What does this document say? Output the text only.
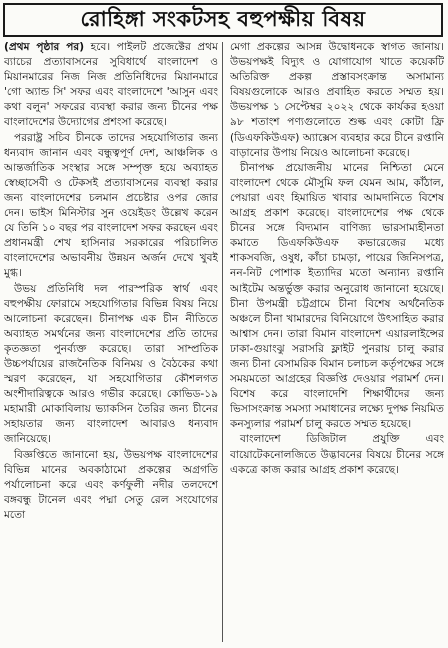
রোহিঙ্গা সংকটসহ বহুপক্ষীয় বিষয়

(প্রথম পৃষ্ঠার পর) হবে। পাইলট প্রজেক্টের প্রথম ব্যাচের প্রত্যাবাসনের সুবিধার্থে বাংলাদেশ ও মিয়ানমারের নিজ নিজ প্রতিনিধিদের মিয়ানমারে 'গো অ্যান্ড সি' সফর এবং বাংলাদেশে 'আসুন এবং কথা বলুন' সফরের ব্যবস্থা করার জন্য চীনের পক্ষ বাংলাদেশের উদ্যোগের প্রশংসা করেছে।

পররাষ্ট্র সচিব চীনকে তাদের সহযোগিতার জন্য ধন্যবাদ জানান এবং বন্ধুত্বপূর্ণ দেশ, আঞ্চলিক ও আন্তর্জাতিক সংস্থার সঙ্গে সম্পৃক্ত হয়ে অব্যাহত স্বেচ্ছাসেবী ও টেকসই প্রত্যাবাসনের ব্যবস্থা করার জন্য বাংলাদেশের চলমান প্রচেষ্টার ওপর জোর দেন। ভাইস মিনিস্টার সুন ওয়েইডং উল্লেখ করেন যে তিনি ১০ বছর পর বাংলাদেশ সফর করছেন এবং প্রধানমন্ত্রী শেখ হাসিনার সরকারের পরিচালিত বাংলাদেশের অভাবনীয় উন্নয়ন অর্জন দেখে খুবই মুগ্ধ।

উভয় প্রতিনিধি দল পারস্পরিক স্বার্থ এবং বহুপক্ষীয় ফোরামে সহযোগিতার বিভিন্ন বিষয় নিয়ে আলোচনা করেছেন। চীনাপক্ষ এক চীন নীতিতে অব্যাহত সমর্থনের জন্য বাংলাদেশের প্রতি তাদের কৃতজ্ঞতা পুনর্ব্যক্ত করেছে। তারা সাম্প্রতিক উচ্চপর্যায়ের রাজনৈতিক বিনিময় ও বৈঠকের কথা স্মরণ করেছেন, যা সহযোগিতার কৌশলগত অংশীদারিত্বকে আরও গভীর করেছে। কোভিড-১৯ মহামারী মোকাবিলায় ভ্যাকসিন তৈরির জন্য চীনের সহায়তার জন্য বাংলাদেশ আবারও ধন্যবাদ জানিয়েছে।

বিজ্ঞপ্তিতে জানানো হয়, উভয়পক্ষ বাংলাদেশের বিভিন্ন মানের অবকাঠামো প্রকল্পের অগ্রগতি পর্যালোচনা করে এবং কর্ণফুলী নদীর তলদেশে বঙ্গবন্ধু টানেল এবং পদ্মা সেতু রেল সংযোগের মতো

মেগা প্রকল্পের আসন্ন উদ্বোধনকে স্বাগত জানায়। উভয়পক্ষই বিদ্যুৎ ও যোগাযোগ খাতে কয়েকটি অতিরিক্ত প্রকল্প প্রস্তাবসংক্রান্ত অসামান্য বিষয়গুলোকে আরও প্রবাহিত করতে সম্মত হয়। উভয়পক্ষ ১ সেপ্টেম্বর ২০২২ থেকে কার্যকর হওয়া ৯৮ শতাংশ পণ্যগুলোতে শুল্ক এবং কোটা ফ্রি (ডিএফকিউএফ) অ্যাক্সেস ব্যবহার করে চীনে রপ্তানি বাড়ানোর উপায় নিয়েও আলোচনা করেছে।

চীনাপক্ষ প্রয়োজনীয় মানের নিশ্চিতা মেনে বাংলাদেশ থেকে মৌসুমি ফল যেমন আম, কাঁঠাল, পেয়ারা এবং হিমায়িত খাবার আমদানিতে বিশেষ আগ্রহ প্রকাশ করেছে। বাংলাদেশের পক্ষ থেকে চীনের সঙ্গে বিদ্যমান বাণিজ্য ভারসাম্যহীনতা কমাতে ডিএফকিউএফ কভারেজের মধ্যে শাকসবজি, ওষুধ, কাঁচা চামড়া, পায়ের জিনিসপত্র, নন-নিট পোশাক ইত্যাদির মতো অন্যান্য রপ্তানি আইটেম অন্তর্ভুক্ত করার অনুরোধ জানানো হয়েছে। চীনা উপমন্ত্রী চট্টগ্রামে চীনা বিশেষ অর্থনৈতিক অঞ্চলে চীনা খামারদের বিনিয়োগে উৎসাহিত করার আশ্বাস দেন। তারা বিমান বাংলাদেশ এয়ারলাইন্সের ঢাকা-গুয়াংঝু সরাসরি ফ্লাইট পুনরায় চালু করার জন্য চীনা বেসামরিক বিমান চলাচল কর্তৃপক্ষের সঙ্গে সময়মতো আগ্রহের বিজ্ঞপ্তি দেওয়ার পরামর্শ দেন। বিশেষ করে বাংলাদেশি শিক্ষার্থীদের জন্য ভিসাসংক্রান্ত সমস্যা সমাধানের লক্ষ্যে দুপক্ষ নিয়মিত কনস্যুলার পরামর্শ চালু করতে সম্মত হয়েছে।

বাংলাদেশ ডিজিটাল প্রযুক্তি এবং বায়োটেকনোলজিতে উদ্ভাবনের বিষয়ে চীনের সঙ্গে একত্রে কাজ করার আগ্রহ প্রকাশ করেছে।
